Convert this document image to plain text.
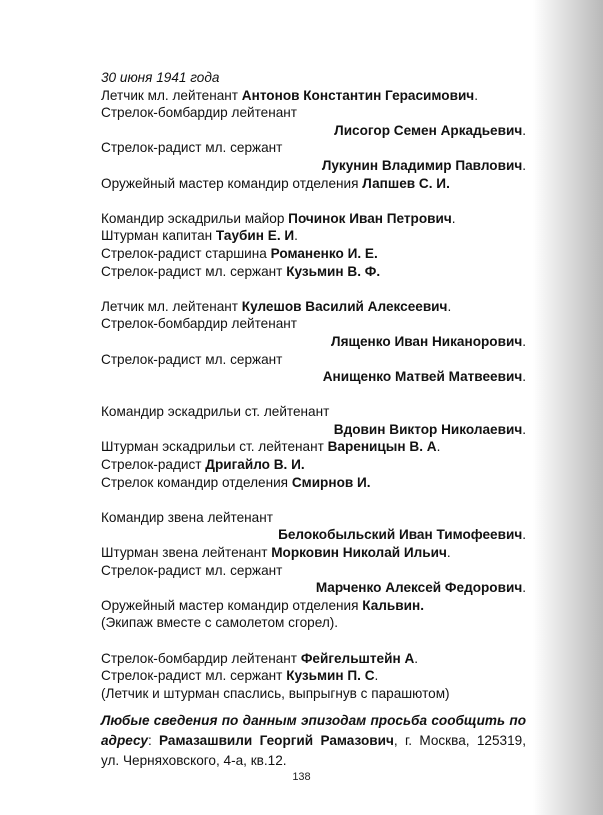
30 июня 1941 года
Летчик мл. лейтенант Антонов Константин Герасимович.
Стрелок-бомбардир лейтенант
Лисогор Семен Аркадьевич.
Стрелок-радист мл. сержант
Лукунин Владимир Павлович.
Оружейный мастер командир отделения Лапшев С. И.
Командир эскадрильи майор Починок Иван Петрович.
Штурман капитан Таубин Е. И.
Стрелок-радист старшина Романенко И. Е.
Стрелок-радист мл. сержант Кузьмин В. Ф.
Летчик мл. лейтенант Кулешов Василий Алексеевич.
Стрелок-бомбардир лейтенант
Лященко Иван Никанорович.
Стрелок-радист мл. сержант
Анищенко Матвей Матвеевич.
Командир эскадрильи ст. лейтенант
Вдовин Виктор Николаевич.
Штурман эскадрильи ст. лейтенант Вареницын В. А.
Стрелок-радист Дригайло В. И.
Стрелок командир отделения Смирнов И.
Командир звена лейтенант
Белокобыльский Иван Тимофеевич.
Штурман звена лейтенант Морковин Николай Ильич.
Стрелок-радист мл. сержант
Марченко Алексей Федорович.
Оружейный мастер командир отделения Кальвин.
(Экипаж вместе с самолетом сгорел).
Стрелок-бомбардир лейтенант Фейгельштейн А.
Стрелок-радист мл. сержант Кузьмин П. С.
(Летчик и штурман спаслись, выпрыгнув с парашютом)
Любые сведения по данным эпизодам просьба сообщить по адресу: Рамазашвили Георгий Рамазович, г. Москва, 125319, ул. Черняховского, 4-а, кв.12.
138
